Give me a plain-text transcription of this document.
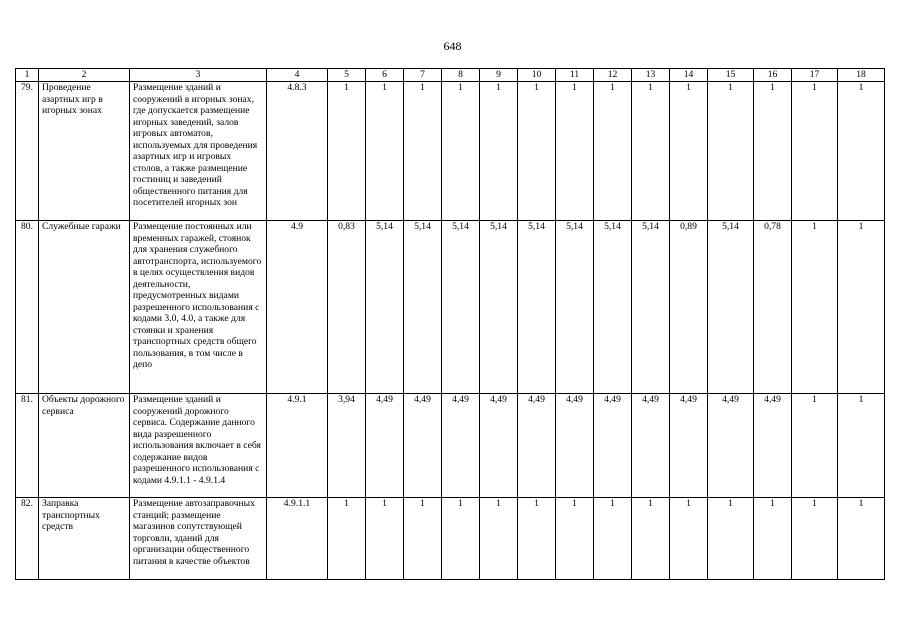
648
1	2	3	4	5	6	7	8	9	10	11	12	13	14	15	16	17	18
79.	Проведение азартных игр в игорных зонах	Размещение зданий и сооружений в игорных зонах, где допускается размещение игорных заведений, залов игровых автоматов, используемых для проведения азартных игр и игровых столов, а также размещение гостиниц и заведений общественного питания для посетителей игорных зон	4.8.3	1	1	1	1	1	1	1	1	1	1	1	1	1	1
80.	Служебные гаражи	Размещение постоянных или временных гаражей, стоянок для хранения служебного автотранспорта, используемого в целях осуществления видов деятельности, предусмотренных видами разрешенного использования с кодами 3.0, 4.0, а также для стоянки и хранения транспортных средств общего пользования, в том числе в депо	4.9	0,83	5,14	5,14	5,14	5,14	5,14	5,14	5,14	5,14	0,89	5,14	0,78	1	1
81.	Объекты дорожного сервиса	Размещение зданий и сооружений дорожного сервиса. Содержание данного вида разрешенного использования включает в себя содержание видов разрешенного использования с кодами 4.9.1.1 - 4.9.1.4	4.9.1	3,94	4,49	4,49	4,49	4,49	4,49	4,49	4,49	4,49	4,49	4,49	4,49	1	1
82.	Заправка транспортных средств	Размещение автозаправочных станций; размещение магазинов сопутствующей торговли, зданий для организации общественного питания в качестве объектов	4.9.1.1	1	1	1	1	1	1	1	1	1	1	1	1	1	1
